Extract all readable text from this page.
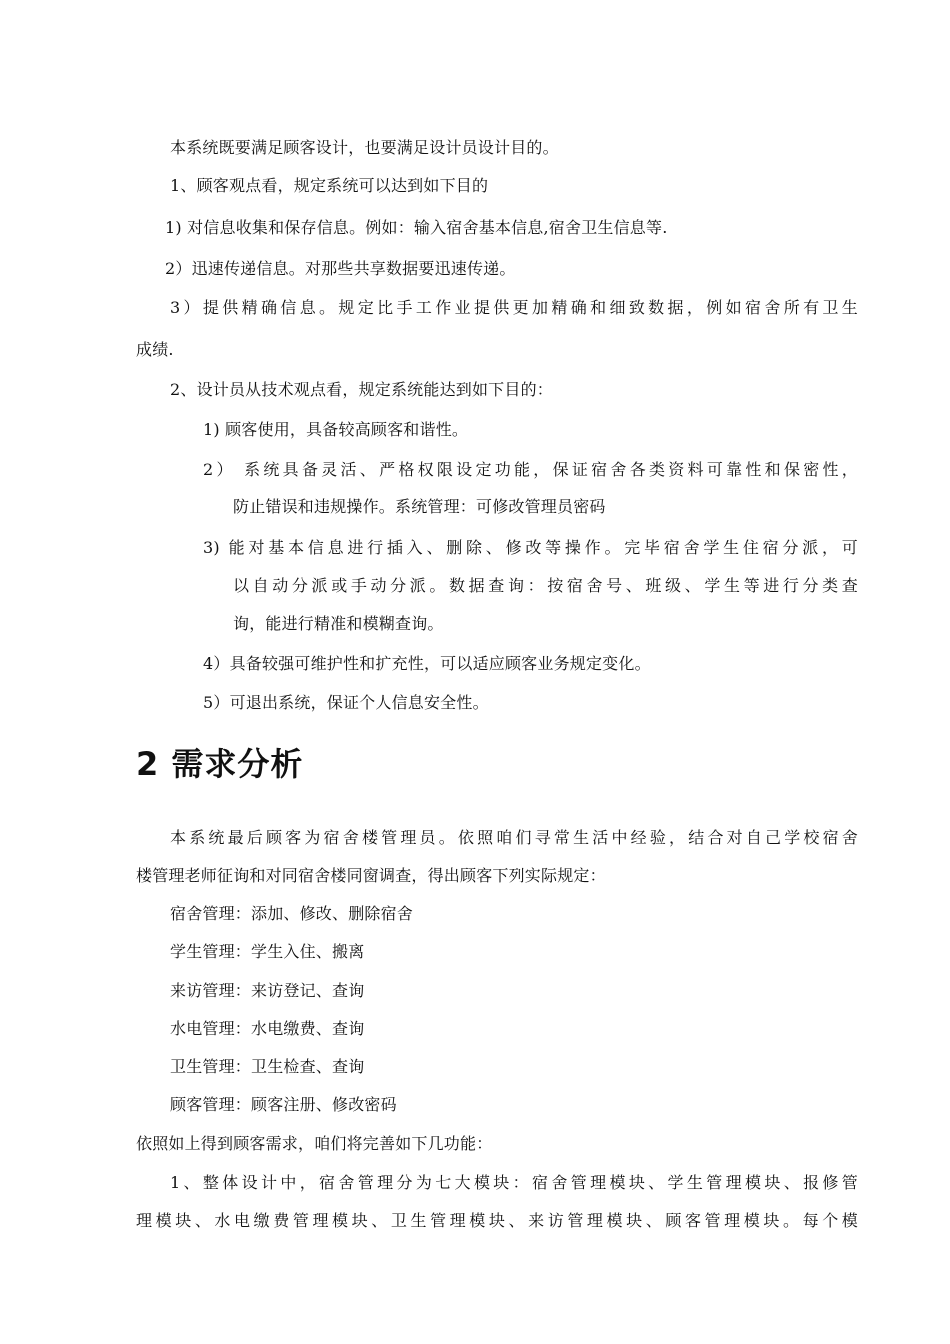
本系统既要满足顾客设计，也要满足设计员设计目的。
1、顾客观点看，规定系统可以达到如下目的
1) 对信息收集和保存信息。例如：输入宿舍基本信息,宿舍卫生信息等.
2）迅速传递信息。对那些共享数据要迅速传递。
3）提供精确信息。规定比手工作业提供更加精确和细致数据，例如宿舍所有卫生
成绩.
2、设计员从技术观点看，规定系统能达到如下目的：
1) 顾客使用，具备较高顾客和谐性。
2） 系统具备灵活、严格权限设定功能，保证宿舍各类资料可靠性和保密性，
防止错误和违规操作。系统管理：可修改管理员密码
3) 能对基本信息进行插入、删除、修改等操作。完毕宿舍学生住宿分派，可
以自动分派或手动分派。数据查询：按宿舍号、班级、学生等进行分类查
询，能进行精准和模糊查询。
4）具备较强可维护性和扩充性，可以适应顾客业务规定变化。
5）可退出系统，保证个人信息安全性。
2 需求分析
本系统最后顾客为宿舍楼管理员。依照咱们寻常生活中经验，结合对自己学校宿舍
楼管理老师征询和对同宿舍楼同窗调查，得出顾客下列实际规定：
宿舍管理：添加、修改、删除宿舍
学生管理：学生入住、搬离
来访管理：来访登记、查询
水电管理：水电缴费、查询
卫生管理：卫生检查、查询
顾客管理：顾客注册、修改密码
依照如上得到顾客需求，咱们将完善如下几功能：
1、整体设计中，宿舍管理分为七大模块：宿舍管理模块、学生管理模块、报修管
理模块、水电缴费管理模块、卫生管理模块、来访管理模块、顾客管理模块。每个模
